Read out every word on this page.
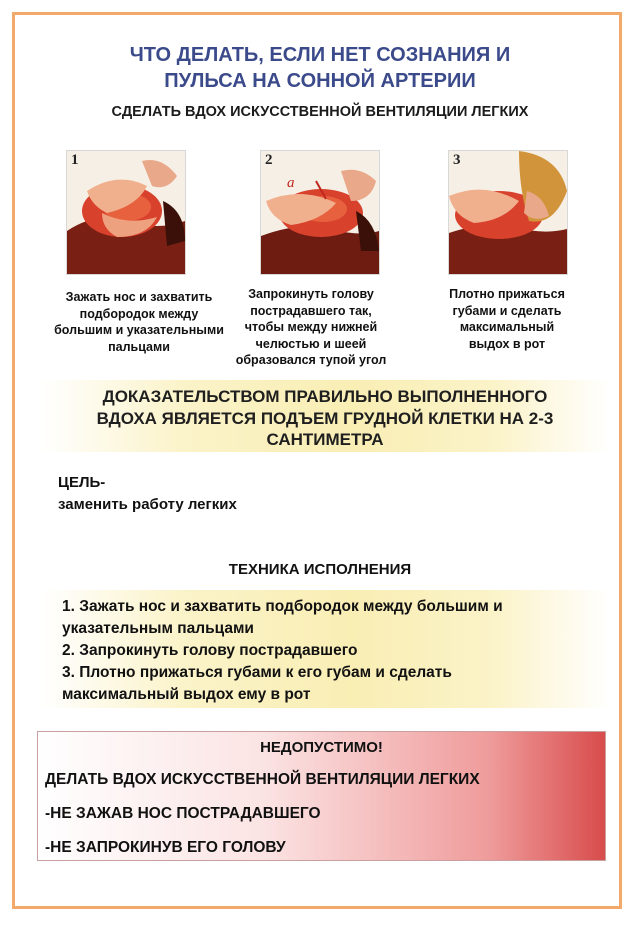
ЧТО ДЕЛАТЬ, ЕСЛИ НЕТ СОЗНАНИЯ И
ПУЛЬСА НА СОННОЙ АРТЕРИИ
СДЕЛАТЬ ВДОХ ИСКУССТВЕННОЙ ВЕНТИЛЯЦИИ ЛЕГКИХ
1	2
а
3
Зажать нос и захватить
подбородок между
большим и указательными
пальцами
Запрокинуть голову
пострадавшего так,
чтобы между нижней
челюстью и шеей
образовался тупой угол
Плотно прижаться
губами и сделать
максимальный
выдох в рот
ДОКАЗАТЕЛЬСТВОМ ПРАВИЛЬНО ВЫПОЛНЕННОГО
ВДОХА ЯВЛЯЕТСЯ ПОДЪЕМ ГРУДНОЙ КЛЕТКИ НА 2-3
САНТИМЕТРА
ЦЕЛЬ-
заменить работу легких
ТЕХНИКА ИСПОЛНЕНИЯ
1. Зажать нос и захватить подбородок между большим и
указательным пальцами
2. Запрокинуть голову пострадавшего
3. Плотно прижаться губами к его губам и сделать
максимальный выдох ему в рот
НЕДОПУСТИМО!
ДЕЛАТЬ ВДОХ ИСКУССТВЕННОЙ ВЕНТИЛЯЦИИ ЛЕГКИХ
-НЕ ЗАЖАВ НОС ПОСТРАДАВШЕГО
-НЕ ЗАПРОКИНУВ ЕГО ГОЛОВУ
